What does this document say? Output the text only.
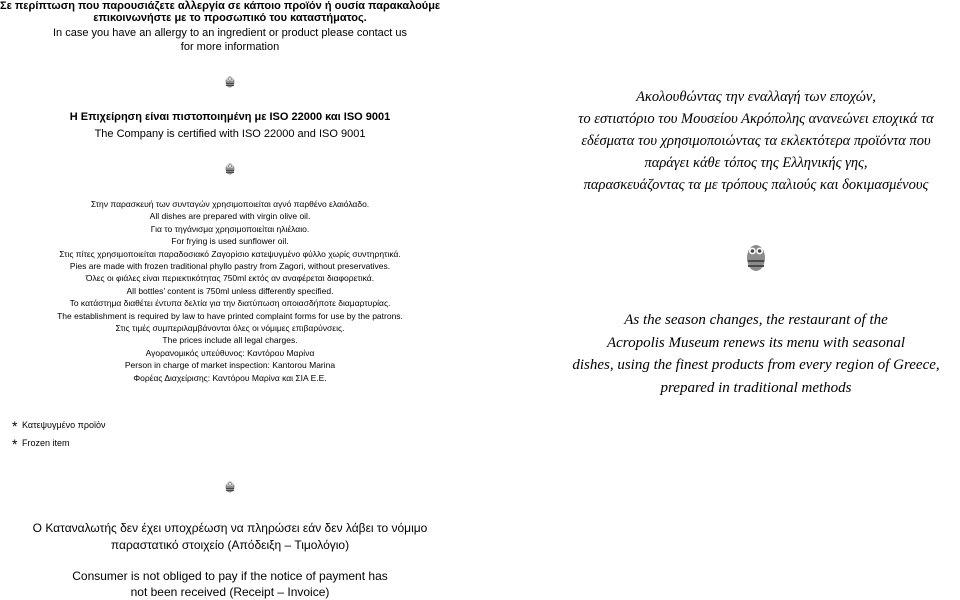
Σε περίπτωση που παρουσιάζετε αλλεργία σε κάποιο προϊόν ή ουσία παρακαλούμε
επικοινωνήστε με το προσωπικό του καταστήματος.
In case you have an allergy to an ingredient or product please contact us
for more information
Η Επιχείρηση είναι πιστοποιημένη με ISO 22000 και ISO 9001
The Company is certified with ISO 22000 and ISO 9001
Στην παρασκευή των συνταγών χρησιμοποιείται αγνό παρθένο ελαιόλαδο.
All dishes are prepared with virgin olive oil.
Για το τηγάνισμα χρησιμοποιείται ηλιέλαιο.
For frying is used sunflower oil.
Στις πίτες χρησιμοποιείται παραδοσιακό Ζαγορίσιο κατεψυγμένο φύλλο χωρίς συντηρητικά.
Pies are made with frozen traditional phyllo pastry from Zagori, without preservatives.
Όλες οι φιάλες είναι περιεκτικότητας 750ml εκτός αν αναφέρεται διαφορετικά.
All bottles’ content is 750ml unless differently specified.
Το κατάστημα διαθέτει έντυπα δελτία για την διατύπωση οποιασδήποτε διαμαρτυρίας.
The establishment is required by law to have printed complaint forms for use by the patrons.
Στις τιμές συμπεριλαμβάνονται όλες οι νόμιμες επιβαρύνσεις.
The prices include all legal charges.
Αγορανομικός υπεύθυνος: Καντόρου Μαρίνα
Person in charge of market inspection: Kantorou Marina
Φορέας Διαχείρισης: Καντόρου Μαρίνα και ΣΙΑ Ε.Ε.
* Κατεψυγμένο προϊόν
* Frozen item
Ο Καταναλωτής δεν έχει υποχρέωση να πληρώσει εάν δεν λάβει το νόμιμο
παραστατικό στοιχείο (Απόδειξη – Τιμολόγιο)
Consumer is not obliged to pay if the notice of payment has
not been received (Receipt – Invoice)
Ακολουθώντας την εναλλαγή των εποχών,
το εστιατόριο του Μουσείου Ακρόπολης ανανεώνει εποχικά τα
εδέσματα του χρησιμοποιώντας τα εκλεκτότερα προϊόντα που
παράγει κάθε τόπος της Ελληνικής γης,
παρασκευάζοντας τα με τρόπους παλιούς και δοκιμασμένους
As the season changes, the restaurant of the
Acropolis Museum renews its menu with seasonal
dishes, using the finest products from every region of Greece,
prepared in traditional methods
